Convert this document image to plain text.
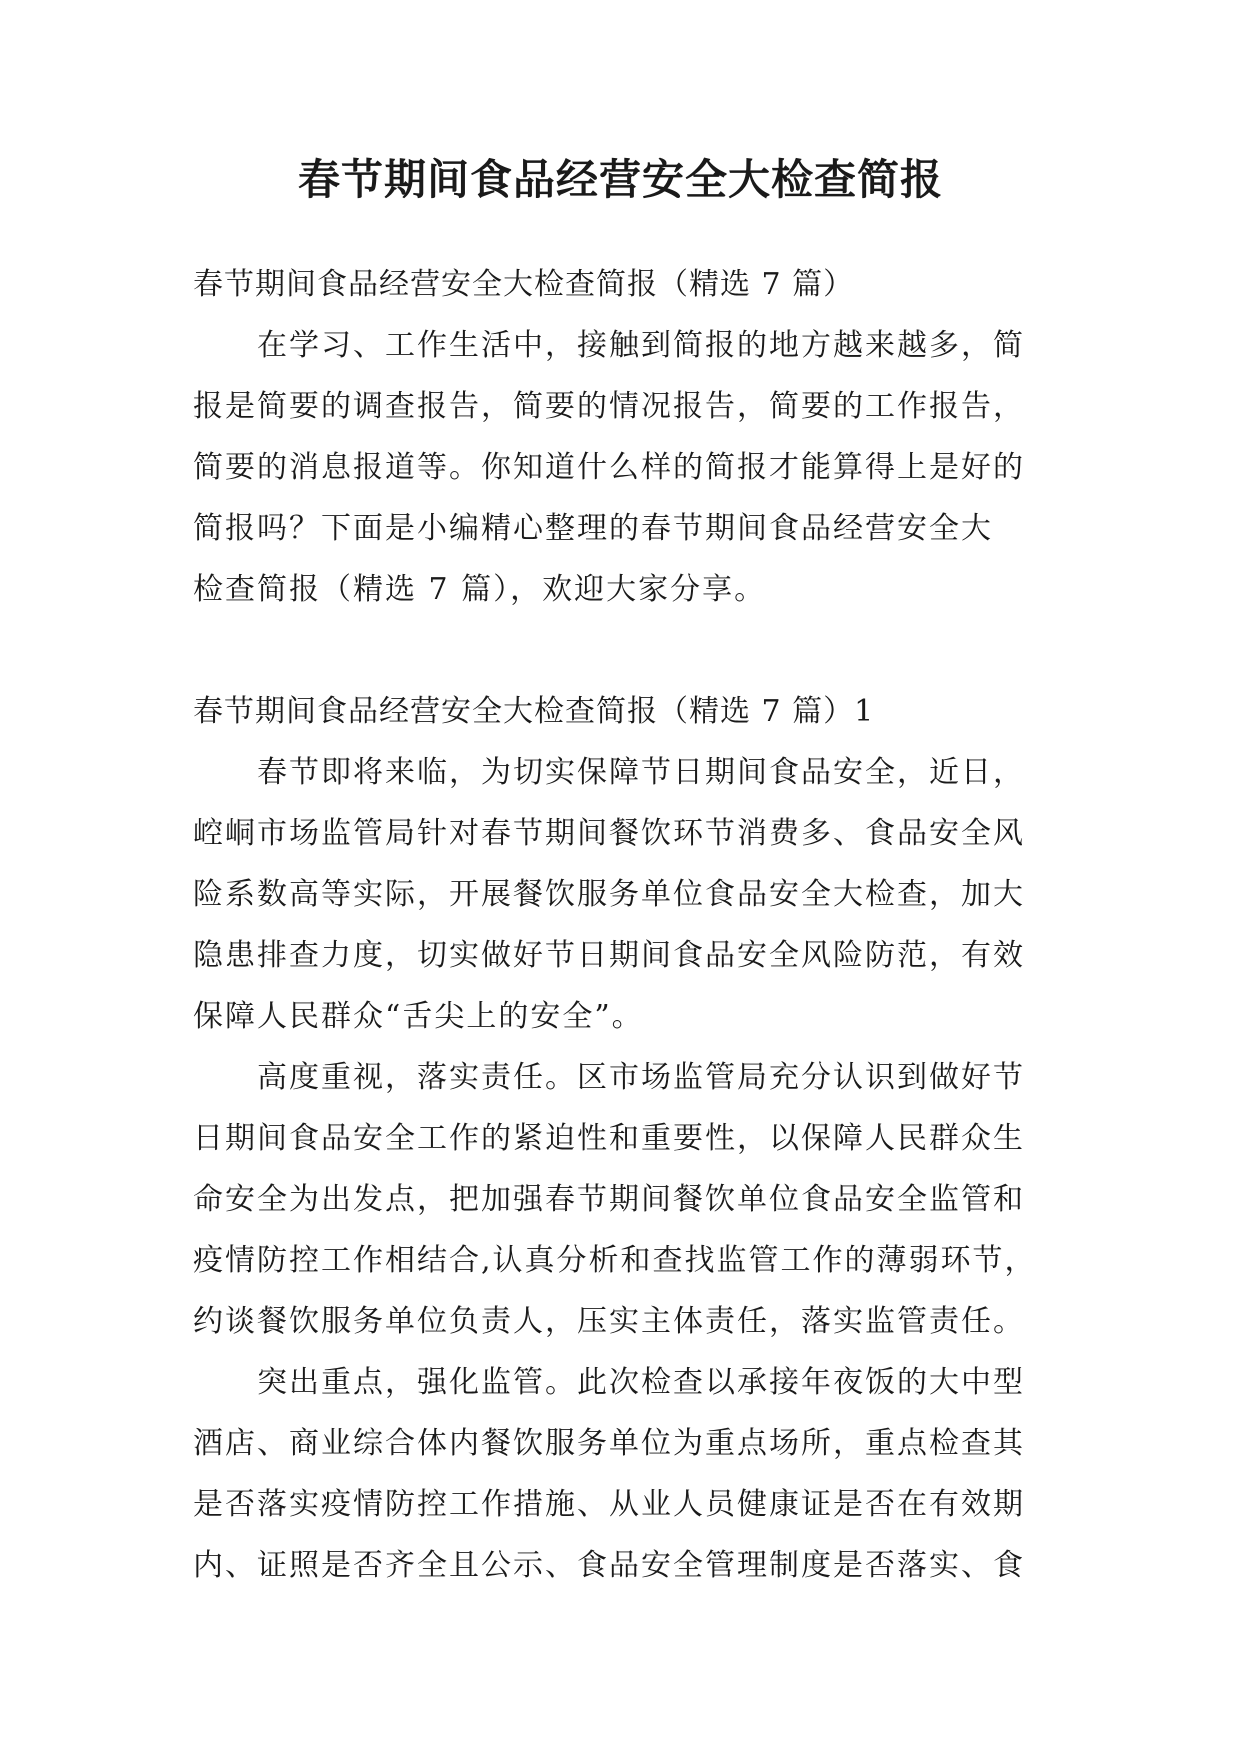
春节期间食品经营安全大检查简报
春节期间食品经营安全大检查简报（精选 7 篇）
在学习、工作生活中，接触到简报的地方越来越多，简
报是简要的调查报告，简要的情况报告，简要的工作报告，
简要的消息报道等。你知道什么样的简报才能算得上是好的
简报吗？下面是小编精心整理的春节期间食品经营安全大
检查简报（精选 7 篇），欢迎大家分享。
春节期间食品经营安全大检查简报（精选 7 篇）1
春节即将来临，为切实保障节日期间食品安全，近日，
崆峒市场监管局针对春节期间餐饮环节消费多、食品安全风
险系数高等实际，开展餐饮服务单位食品安全大检查，加大
隐患排查力度，切实做好节日期间食品安全风险防范，有效
保障人民群众“舌尖上的安全”。
高度重视，落实责任。区市场监管局充分认识到做好节
日期间食品安全工作的紧迫性和重要性，以保障人民群众生
命安全为出发点，把加强春节期间餐饮单位食品安全监管和
疫情防控工作相结合,认真分析和查找监管工作的薄弱环节，
约谈餐饮服务单位负责人，压实主体责任，落实监管责任。
突出重点，强化监管。此次检查以承接年夜饭的大中型
酒店、商业综合体内餐饮服务单位为重点场所，重点检查其
是否落实疫情防控工作措施、从业人员健康证是否在有效期
内、证照是否齐全且公示、食品安全管理制度是否落实、食
